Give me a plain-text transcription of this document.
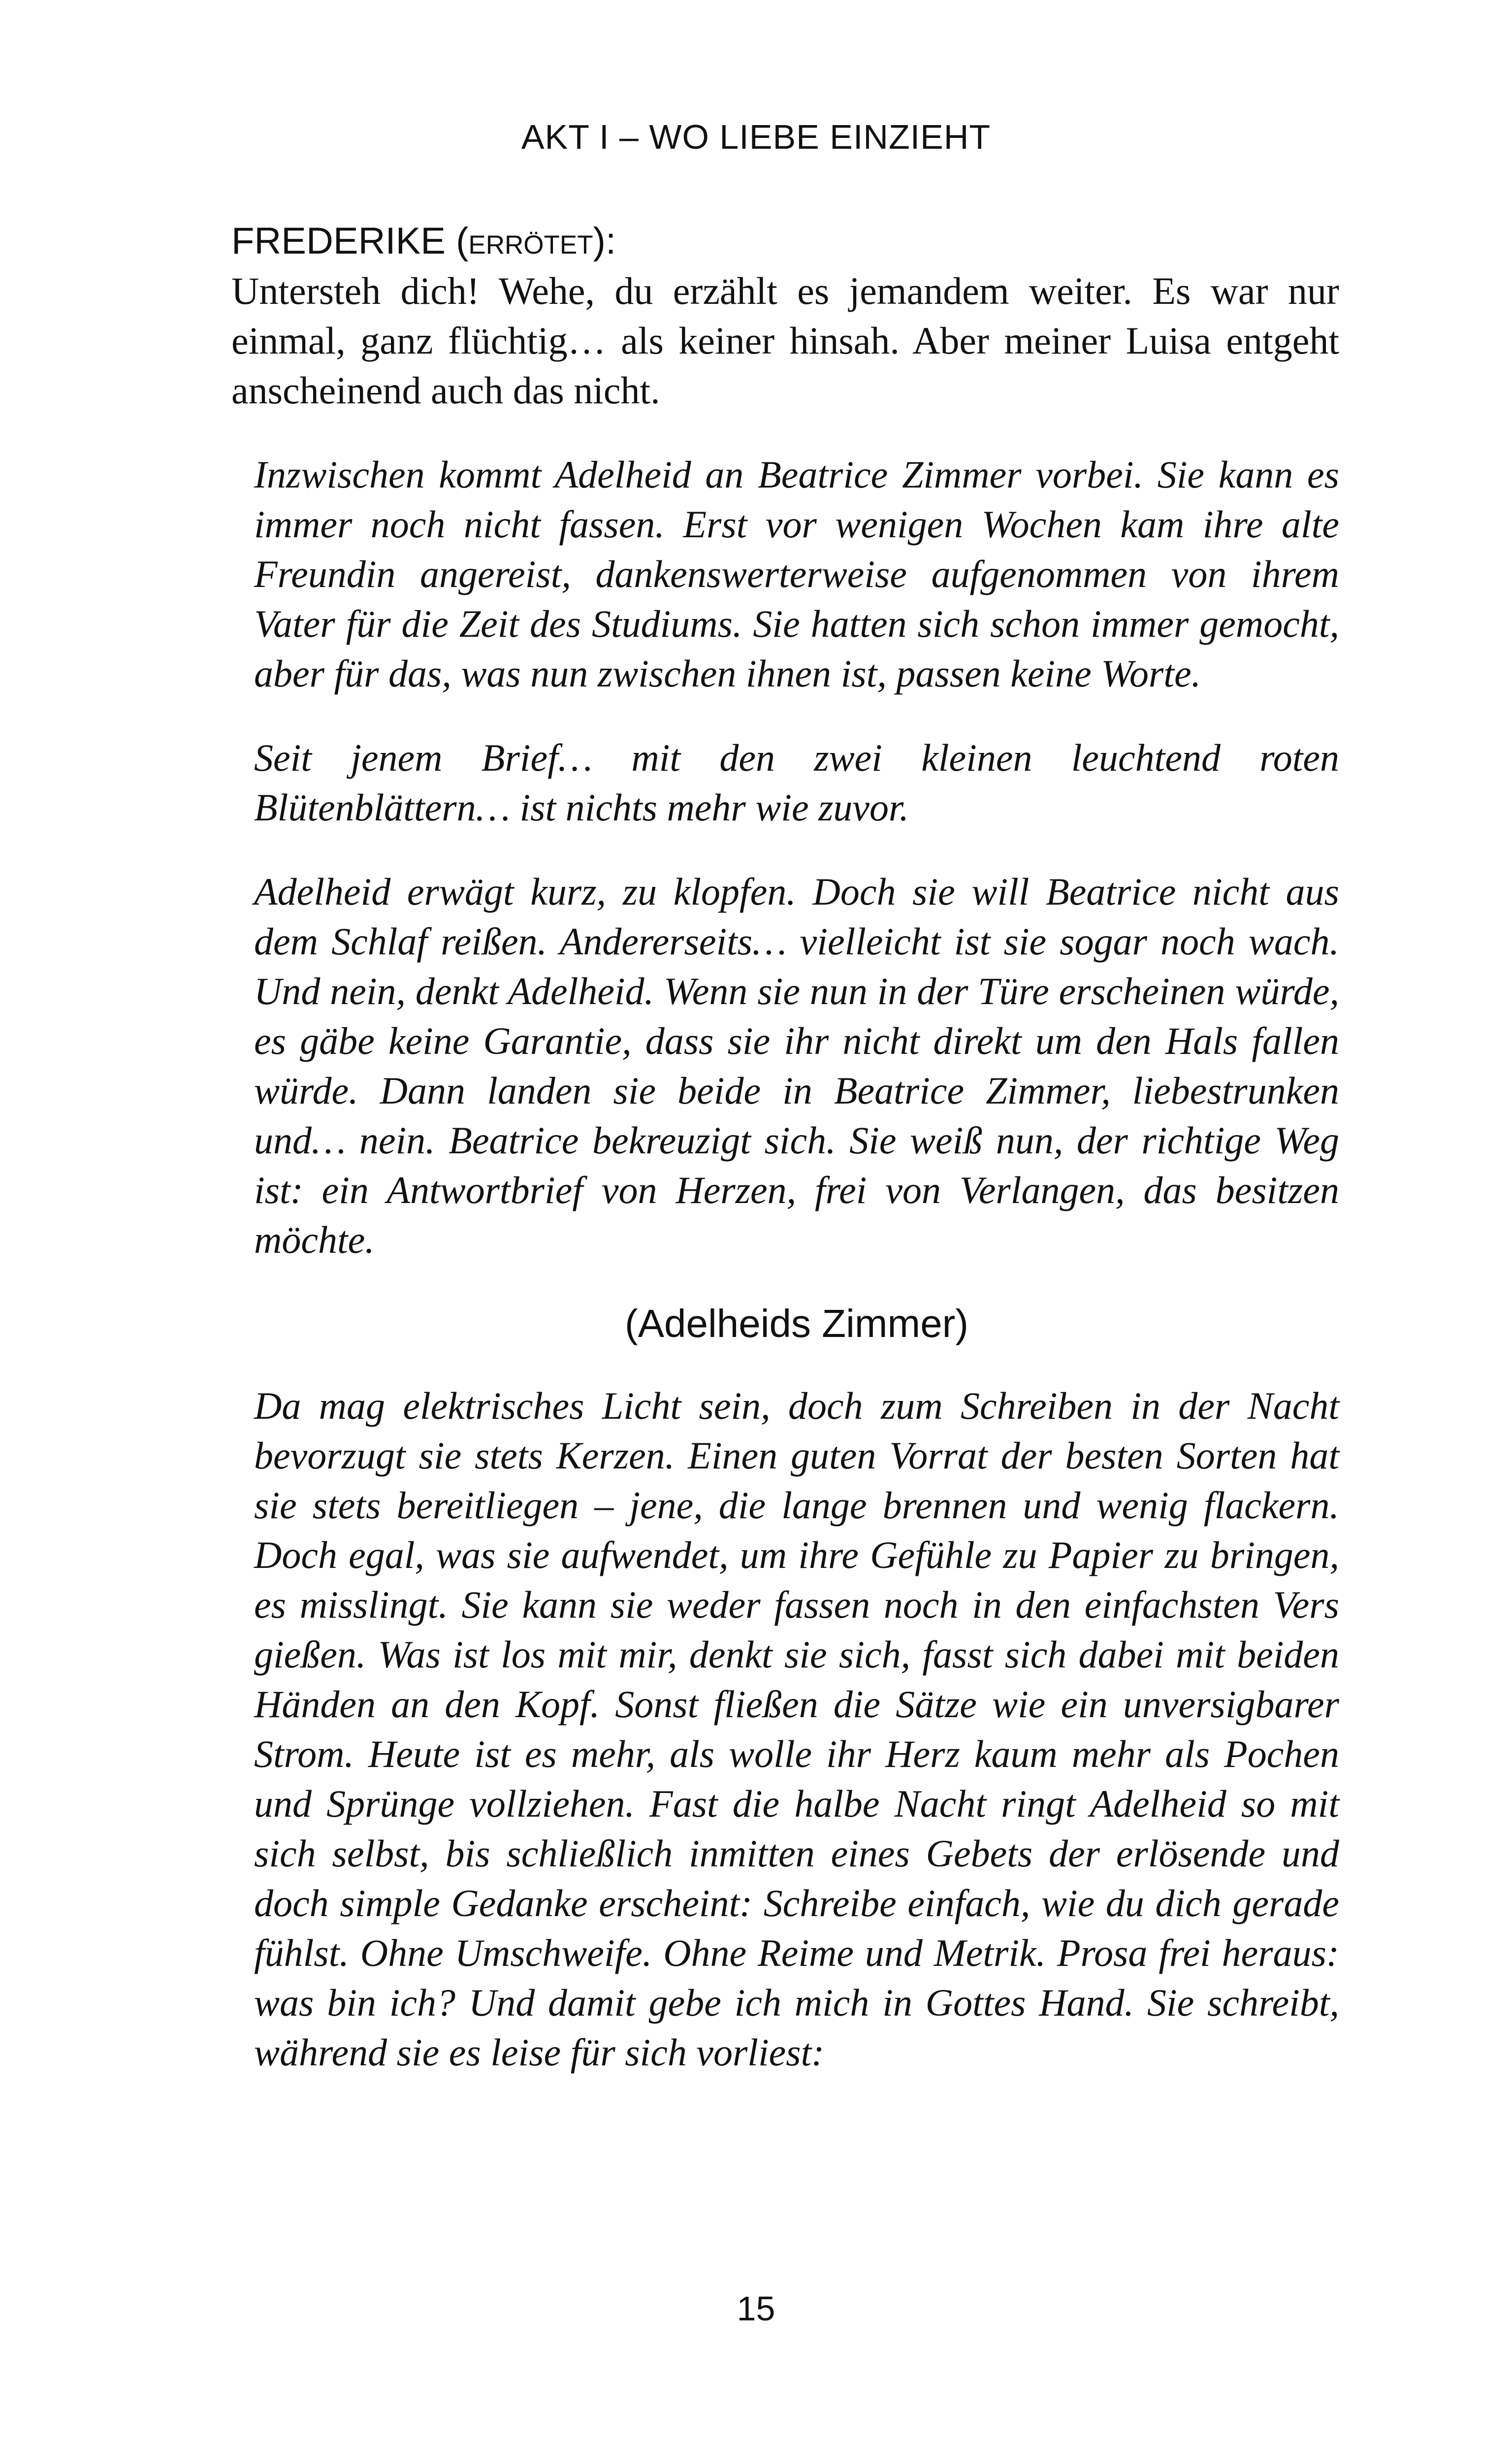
AKT I – WO LIEBE EINZIEHT

FREDERIKE (errötet):

Untersteh dich! Wehe, du erzählt es jemandem weiter. Es war nur einmal, ganz flüchtig… als keiner hinsah. Aber meiner Luisa entgeht anscheinend auch das nicht.

Inzwischen kommt Adelheid an Beatrice Zimmer vorbei. Sie kann es immer noch nicht fassen. Erst vor wenigen Wochen kam ihre alte Freundin angereist, dankenswerterweise aufgenommen von ihrem Vater für die Zeit des Studiums. Sie hatten sich schon immer gemocht, aber für das, was nun zwischen ihnen ist, passen keine Worte.

Seit jenem Brief… mit den zwei kleinen leuchtend roten Blütenblättern… ist nichts mehr wie zuvor.

Adelheid erwägt kurz, zu klopfen. Doch sie will Beatrice nicht aus dem Schlaf reißen. Andererseits… vielleicht ist sie sogar noch wach. Und nein, denkt Adelheid. Wenn sie nun in der Türe erscheinen würde, es gäbe keine Garantie, dass sie ihr nicht direkt um den Hals fallen würde. Dann landen sie beide in Beatrice Zimmer, liebestrunken und… nein. Beatrice bekreuzigt sich. Sie weiß nun, der richtige Weg ist: ein Antwortbrief von Herzen, frei von Verlangen, das besitzen möchte.

(Adelheids Zimmer)

Da mag elektrisches Licht sein, doch zum Schreiben in der Nacht bevorzugt sie stets Kerzen. Einen guten Vorrat der besten Sorten hat sie stets bereitliegen – jene, die lange brennen und wenig flackern. Doch egal, was sie aufwendet, um ihre Gefühle zu Papier zu bringen, es misslingt. Sie kann sie weder fassen noch in den einfachsten Vers gießen. Was ist los mit mir, denkt sie sich, fasst sich dabei mit beiden Händen an den Kopf. Sonst fließen die Sätze wie ein unversigbarer Strom. Heute ist es mehr, als wolle ihr Herz kaum mehr als Pochen und Sprünge vollziehen. Fast die halbe Nacht ringt Adelheid so mit sich selbst, bis schließlich inmitten eines Gebets der erlösende und doch simple Gedanke erscheint: Schreibe einfach, wie du dich gerade fühlst. Ohne Umschweife. Ohne Reime und Metrik. Prosa frei heraus: was bin ich? Und damit gebe ich mich in Gottes Hand. Sie schreibt, während sie es leise für sich vorliest:

15
